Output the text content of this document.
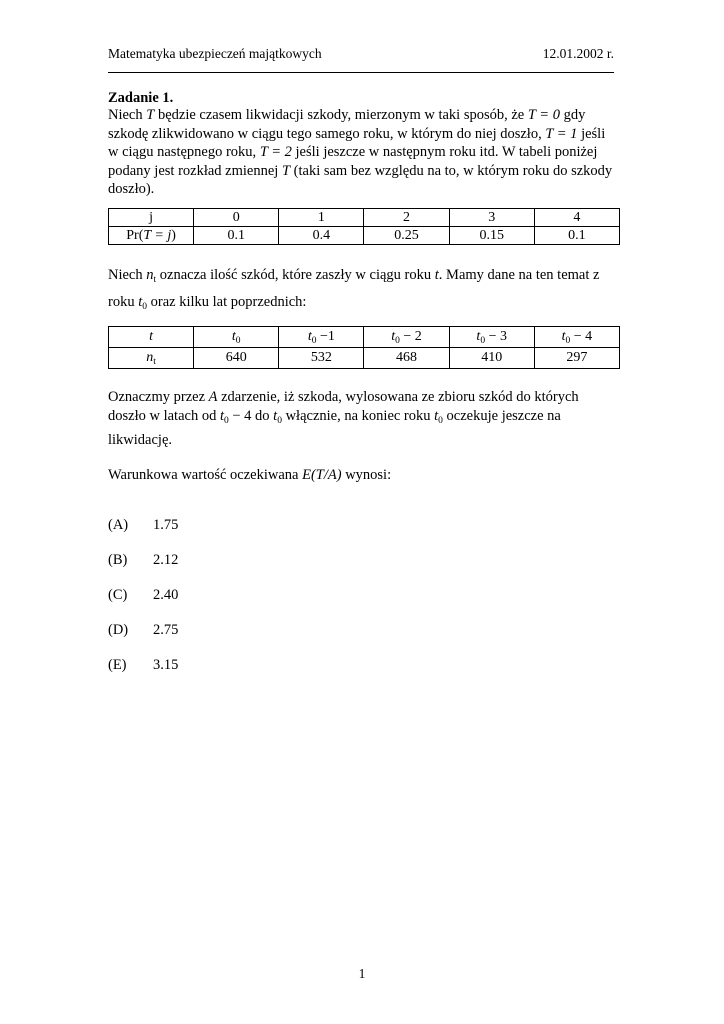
Matematyka ubezpieczeń majątkowych	12.01.2002 r.
Zadanie 1.
Niech T będzie czasem likwidacji szkody, mierzonym w taki sposób, że T = 0 gdy szkodę zlikwidowano w ciągu tego samego roku, w którym do niej doszło, T = 1 jeśli w ciągu następnego roku, T = 2 jeśli jeszcze w następnym roku itd. W tabeli poniżej podany jest rozkład zmiennej T (taki sam bez względu na to, w którym roku do szkody doszło).
j	0	1	2	3	4
Pr(T = j)	0.1	0.4	0.25	0.15	0.1
Niech $n_t$ oznacza ilość szkód, które zaszły w ciągu roku t. Mamy dane na ten temat z roku $t_0$ oraz kilku lat poprzednich:
t	$t_0$	$t_0 -1$	$t_0 - 2$	$t_0 - 3$	$t_0 - 4$
$n_t$	640	532	468	410	297
Oznaczmy przez A zdarzenie, iż szkoda, wylosowana ze zbioru szkód do których doszło w latach od $t_0 - 4$ do $t_0$ włącznie, na koniec roku $t_0$ oczekuje jeszcze na likwidację.
Warunkowa wartość oczekiwana E(T/A) wynosi:
(A) 1.75
(B) 2.12
(C) 2.40
(D) 2.75
(E) 3.15
1
